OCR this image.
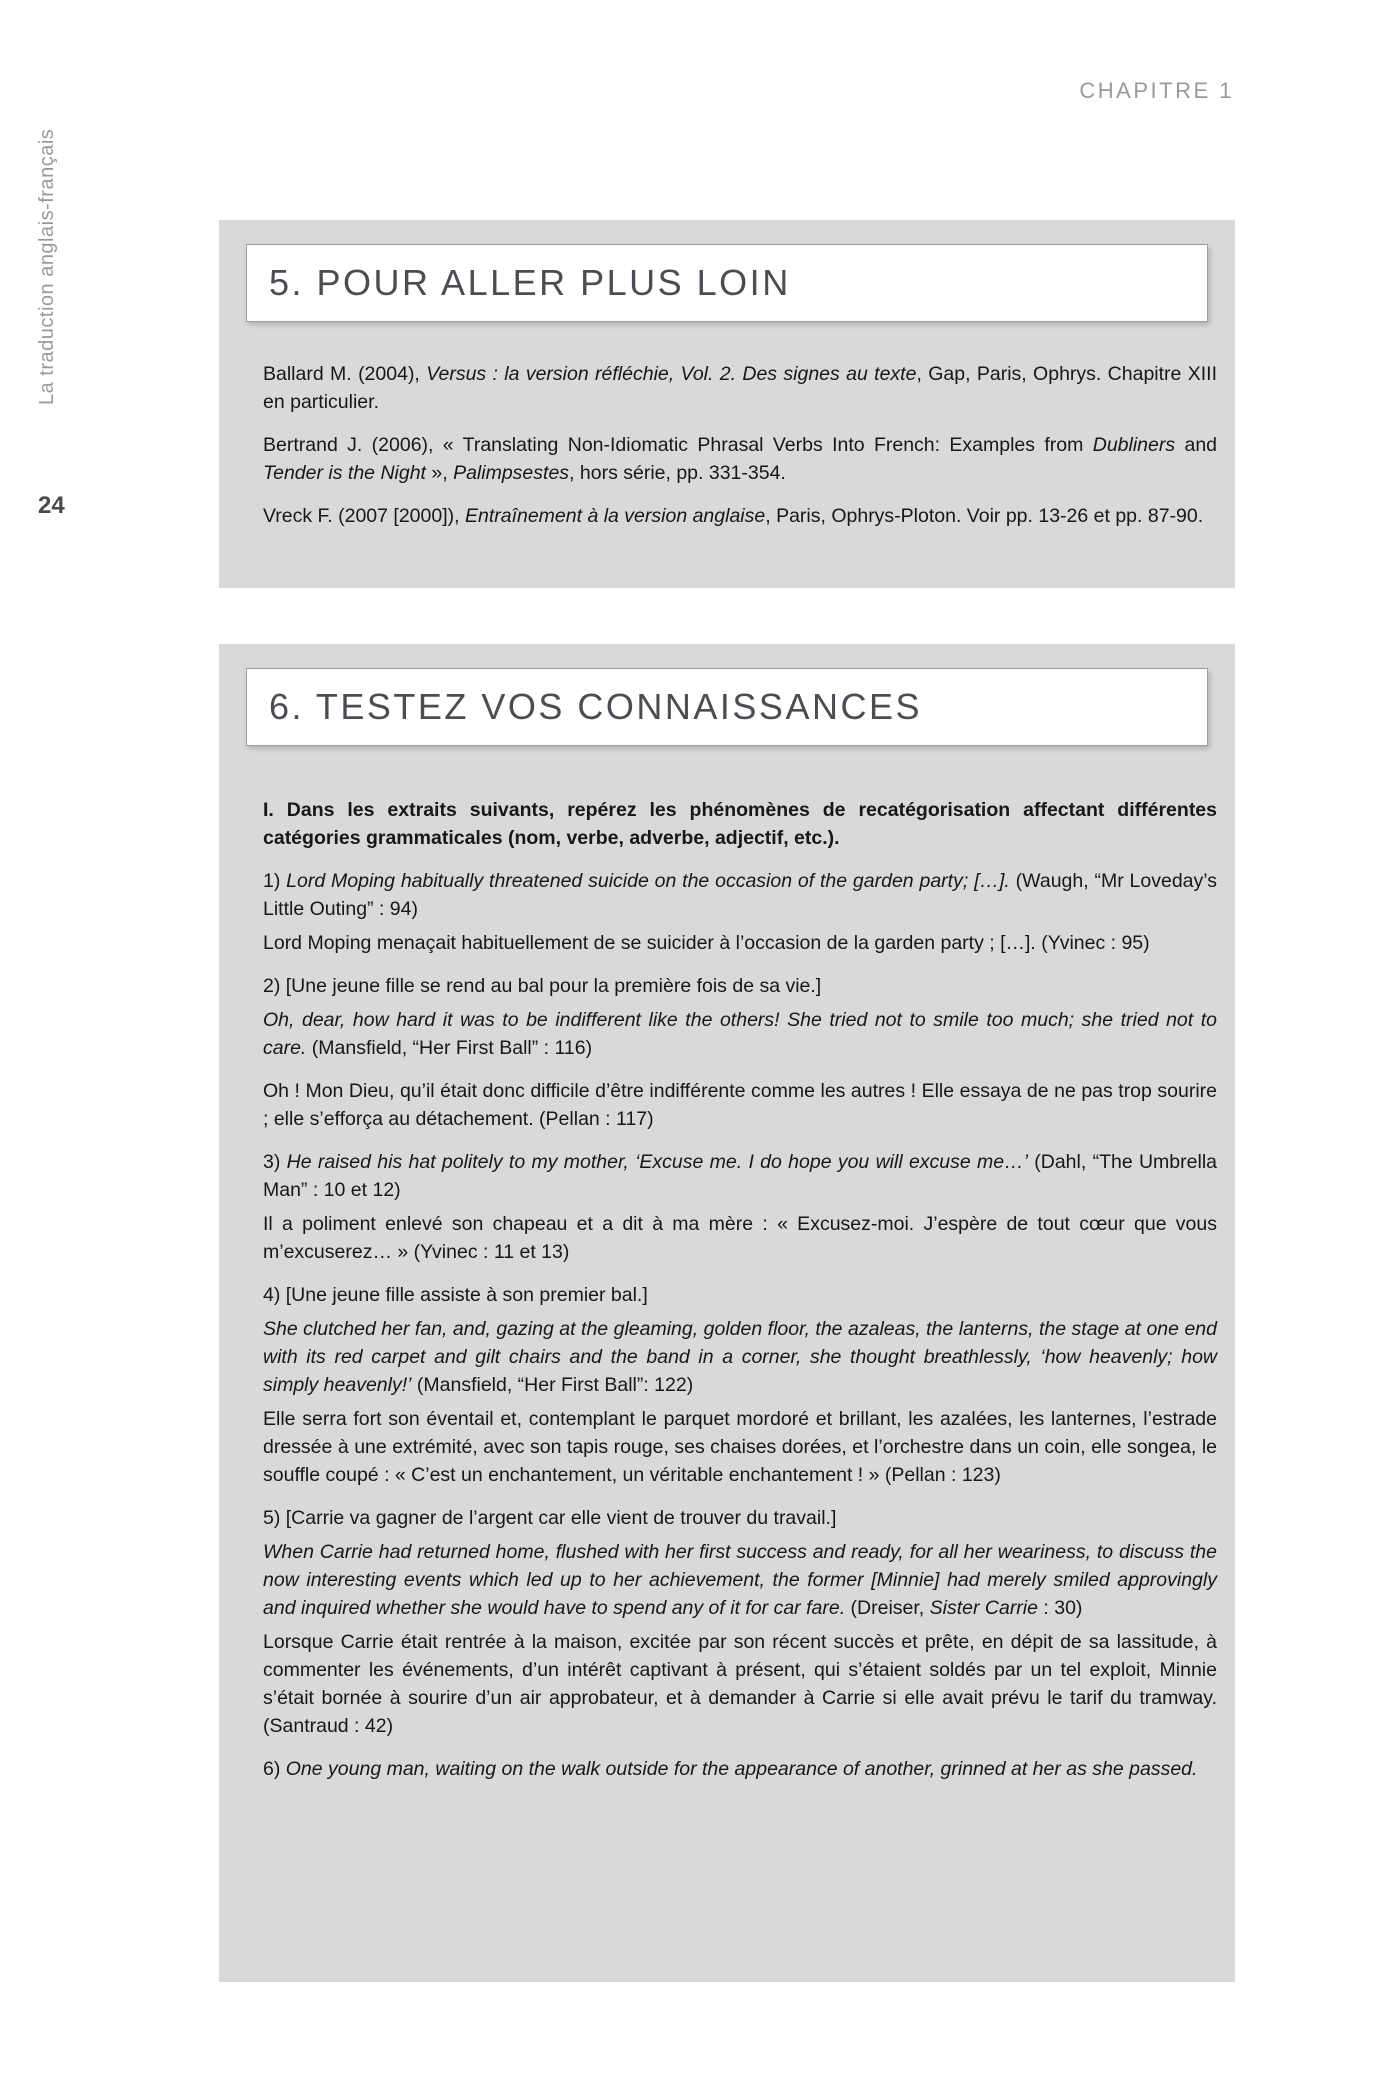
CHAPITRE 1
La traduction anglais-français
24
5. POUR ALLER PLUS LOIN

Ballard M. (2004), Versus : la version réfléchie, Vol. 2. Des signes au texte, Gap, Paris, Ophrys. Chapitre XIII en particulier.

Bertrand J. (2006), « Translating Non-Idiomatic Phrasal Verbs Into French: Examples from Dubliners and Tender is the Night », Palimpsestes, hors série, pp. 331-354.

Vreck F. (2007 [2000]), Entraînement à la version anglaise, Paris, Ophrys-Ploton. Voir pp. 13-26 et pp. 87-90.

6. TESTEZ VOS CONNAISSANCES

I. Dans les extraits suivants, repérez les phénomènes de recatégorisation affectant différentes catégories grammaticales (nom, verbe, adverbe, adjectif, etc.).

1) Lord Moping habitually threatened suicide on the occasion of the garden party; […]. (Waugh, “Mr Loveday’s Little Outing” : 94)

Lord Moping menaçait habituellement de se suicider à l’occasion de la garden party ; […]. (Yvinec : 95)

2) [Une jeune fille se rend au bal pour la première fois de sa vie.]

Oh, dear, how hard it was to be indifferent like the others! She tried not to smile too much; she tried not to care. (Mansfield, “Her First Ball” : 116)

Oh ! Mon Dieu, qu’il était donc difficile d’être indifférente comme les autres ! Elle essaya de ne pas trop sourire ; elle s’efforça au détachement. (Pellan : 117)

3) He raised his hat politely to my mother, ‘Excuse me. I do hope you will excuse me…’ (Dahl, “The Umbrella Man” : 10 et 12)

Il a poliment enlevé son chapeau et a dit à ma mère : « Excusez-moi. J’espère de tout cœur que vous m’excuserez… » (Yvinec : 11 et 13)

4) [Une jeune fille assiste à son premier bal.]

She clutched her fan, and, gazing at the gleaming, golden floor, the azaleas, the lanterns, the stage at one end with its red carpet and gilt chairs and the band in a corner, she thought breathlessly, ‘how heavenly; how simply heavenly!’ (Mansfield, “Her First Ball”: 122)

Elle serra fort son éventail et, contemplant le parquet mordoré et brillant, les azalées, les lanternes, l’estrade dressée à une extrémité, avec son tapis rouge, ses chaises dorées, et l’orchestre dans un coin, elle songea, le souffle coupé : « C’est un enchantement, un véritable enchantement ! » (Pellan : 123)

5) [Carrie va gagner de l’argent car elle vient de trouver du travail.]

When Carrie had returned home, flushed with her first success and ready, for all her weariness, to discuss the now interesting events which led up to her achievement, the former [Minnie] had merely smiled approvingly and inquired whether she would have to spend any of it for car fare. (Dreiser, Sister Carrie : 30)

Lorsque Carrie était rentrée à la maison, excitée par son récent succès et prête, en dépit de sa lassitude, à commenter les événements, d’un intérêt captivant à présent, qui s’étaient soldés par un tel exploit, Minnie s’était bornée à sourire d’un air approbateur, et à demander à Carrie si elle avait prévu le tarif du tramway. (Santraud : 42)

6) One young man, waiting on the walk outside for the appearance of another, grinned at her as she passed.
